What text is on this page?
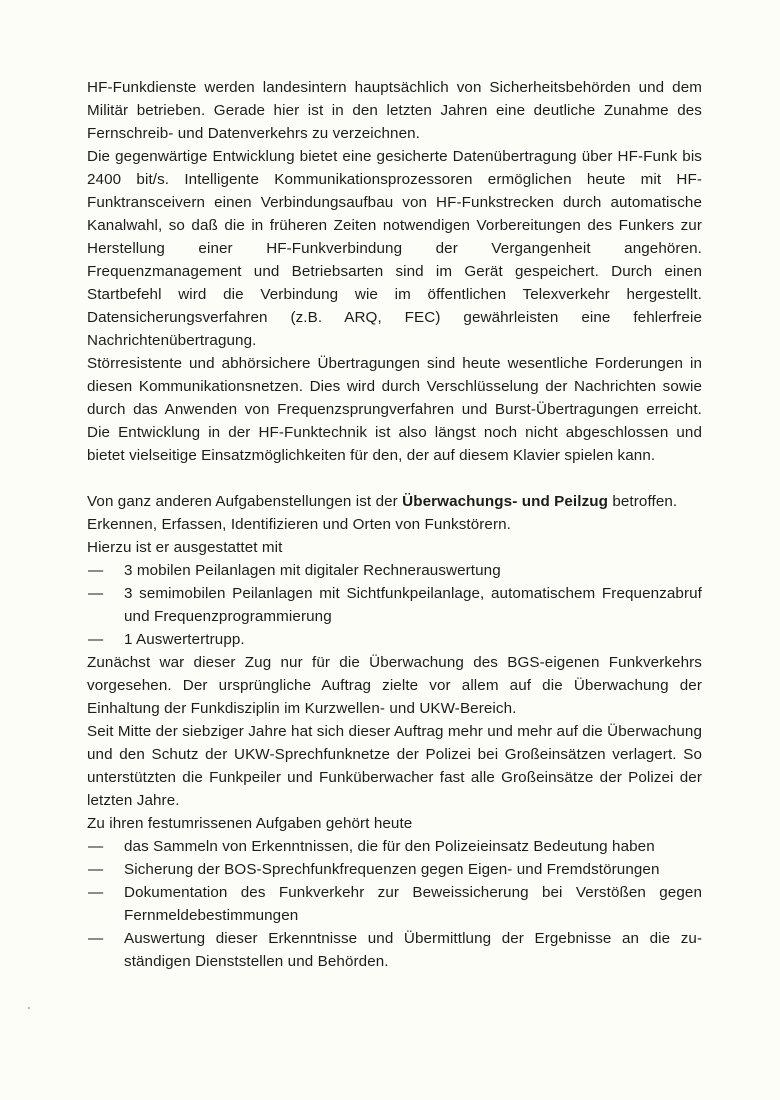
HF-Funkdienste werden landesintern hauptsächlich von Sicherheitsbehörden und dem Militär betrieben. Gerade hier ist in den letzten Jahren eine deutliche Zunahme des Fernschreib- und Datenverkehrs zu verzeichnen.

Die gegenwärtige Entwicklung bietet eine gesicherte Datenübertragung über HF-Funk bis 2400 bit/s. Intelligente Kommunikationsprozessoren ermöglichen heute mit HF-Funktransceivern einen Verbindungsaufbau von HF-Funkstrecken durch automatische Kanalwahl, so daß die in früheren Zeiten notwendigen Vorbereitungen des Funkers zur Herstellung einer HF-Funkverbindung der Vergangenheit angehören. Frequenzmanagement und Betriebsarten sind im Gerät gespeichert. Durch einen Startbefehl wird die Verbindung wie im öffentlichen Telexverkehr hergestellt. Datensicherungsverfahren (z.B. ARQ, FEC) gewährleisten eine fehlerfreie Nachrichtenübertragung.

Störresistente und abhörsichere Übertragungen sind heute wesentliche Forderungen in diesen Kommunikationsnetzen. Dies wird durch Verschlüsselung der Nachrichten sowie durch das Anwenden von Frequenzsprungverfahren und Burst-Übertragungen erreicht. Die Entwicklung in der HF-Funktechnik ist also längst noch nicht abgeschlossen und bietet vielseitige Einsatzmöglichkeiten für den, der auf diesem Klavier spielen kann.

Von ganz anderen Aufgabenstellungen ist der Überwachungs- und Peilzug betroffen.

Erkennen, Erfassen, Identifizieren und Orten von Funkstörern.

Hierzu ist er ausgestattet mit

— 3 mobilen Peilanlagen mit digitaler Rechnerauswertung
— 3 semimobilen Peilanlagen mit Sichtfunkpeilanlage, automatischem Frequenzabruf und Frequenzprogrammierung
— 1 Auswertertrupp.

Zunächst war dieser Zug nur für die Überwachung des BGS-eigenen Funkverkehrs vorgesehen. Der ursprüngliche Auftrag zielte vor allem auf die Überwachung der Einhaltung der Funkdisziplin im Kurzwellen- und UKW-Bereich.

Seit Mitte der siebziger Jahre hat sich dieser Auftrag mehr und mehr auf die Überwachung und den Schutz der UKW-Sprechfunknetze der Polizei bei Großeinsätzen verlagert. So unterstützten die Funkpeiler und Funküberwacher fast alle Großeinsätze der Polizei der letzten Jahre.

Zu ihren festumrissenen Aufgaben gehört heute

— das Sammeln von Erkenntnissen, die für den Polizeieinsatz Bedeutung haben
— Sicherung der BOS-Sprechfunkfrequenzen gegen Eigen- und Fremdstörungen
— Dokumentation des Funkverkehr zur Beweissicherung bei Verstößen gegen Fernmeldebestimmungen
— Auswertung dieser Erkenntnisse und Übermittlung der Ergebnisse an die zuständigen Dienststellen und Behörden.
